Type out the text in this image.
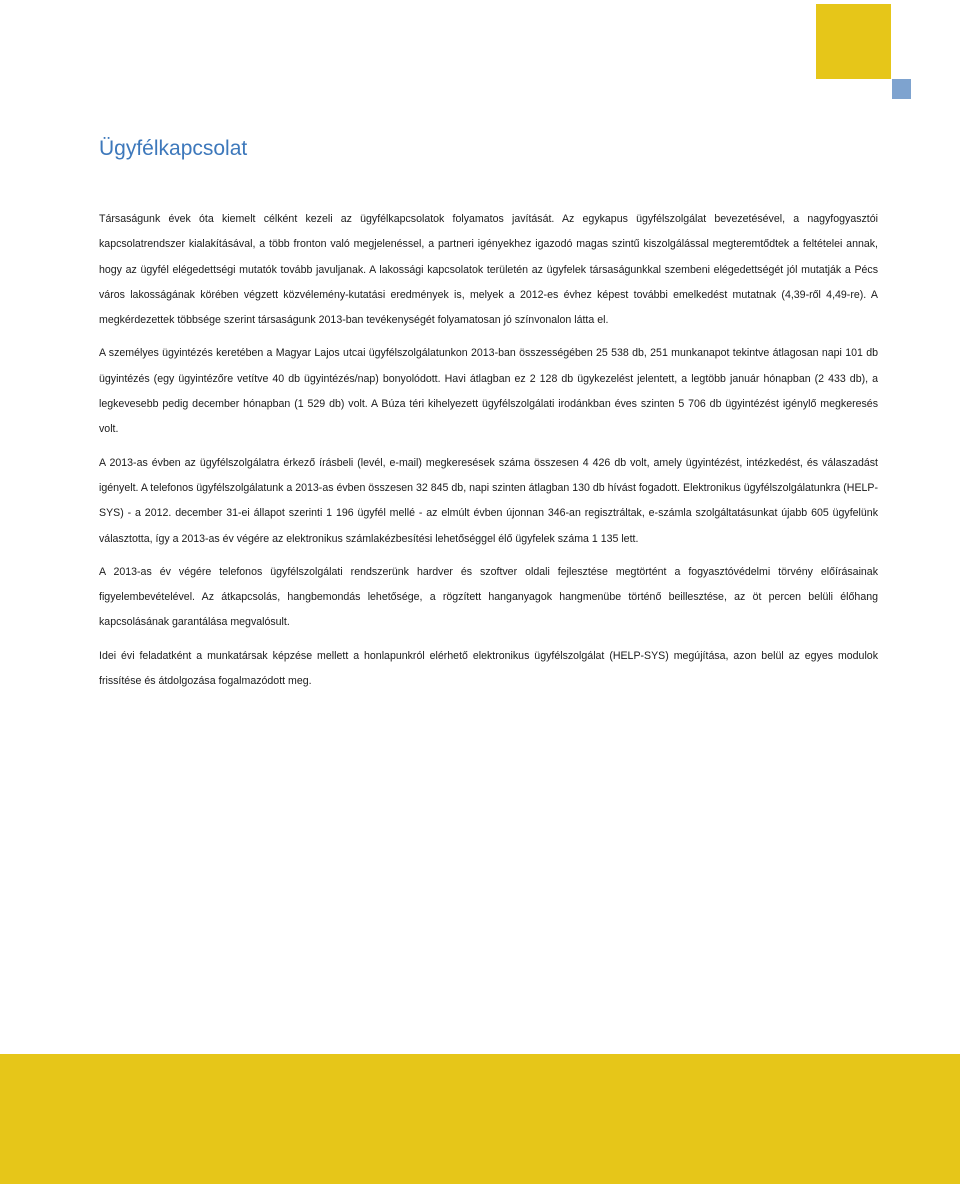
Ügyfélkapcsolat

Társaságunk évek óta kiemelt célként kezeli az ügyfélkapcsolatok folyamatos javítását. Az egykapus ügyfélszolgálat bevezetésével, a nagyfogyasztói kapcsolatrendszer kialakításával, a több fronton való megjelenéssel, a partneri igényekhez igazodó magas szintű kiszolgálással megteremtődtek a feltételei annak, hogy az ügyfél elégedettségi mutatók tovább javuljanak. A lakossági kapcsolatok területén az ügyfelek társaságunkkal szembeni elégedettségét jól mutatják a Pécs város lakosságának körében végzett közvélemény-kutatási eredmények is, melyek a 2012-es évhez képest további emelkedést mutatnak (4,39-ről 4,49-re). A megkérdezettek többsége szerint társaságunk 2013-ban tevékenységét folyamatosan jó színvonalon látta el.

A személyes ügyintézés keretében a Magyar Lajos utcai ügyfélszolgálatunkon 2013-ban összességében 25 538 db, 251 munkanapot tekintve átlagosan napi 101 db ügyintézés (egy ügyintézőre vetítve 40 db ügyintézés/nap) bonyolódott. Havi átlagban ez 2 128 db ügykezelést jelentett, a legtöbb január hónapban (2 433 db), a legkevesebb pedig december hónapban (1 529 db) volt. A Búza téri kihelyezett ügyfélszolgálati irodánkban éves szinten 5 706 db ügyintézést igénylő megkeresés volt.

A 2013-as évben az ügyfélszolgálatra érkező írásbeli (levél, e-mail) megkeresések száma összesen 4 426 db volt, amely ügyintézést, intézkedést, és válaszadást igényelt. A telefonos ügyfélszolgálatunk a 2013-as évben összesen 32 845 db, napi szinten átlagban 130 db hívást fogadott. Elektronikus ügyfélszolgálatunkra (HELP-SYS) - a 2012. december 31-ei állapot szerinti 1 196 ügyfél mellé - az elmúlt évben újonnan 346-an regisztráltak, e-számla szolgáltatásunkat újabb 605 ügyfelünk választotta, így a 2013-as év végére az elektronikus számlakézbesítési lehetőséggel élő ügyfelek száma 1 135 lett.

A 2013-as év végére telefonos ügyfélszolgálati rendszerünk hardver és szoftver oldali fejlesztése megtörtént a fogyasztóvédelmi törvény előírásainak figyelembevételével. Az átkapcsolás, hangbemondás lehetősége, a rögzített hanganyagok hangmenübe történő beillesztése, az öt percen belüli élőhang kapcsolásának garantálása megvalósult.

Idei évi feladatként a munkatársak képzése mellett a honlapunkról elérhető elektronikus ügyfélszolgálat (HELP-SYS) megújítása, azon belül az egyes modulok frissítése és átdolgozása fogalmazódott meg.
